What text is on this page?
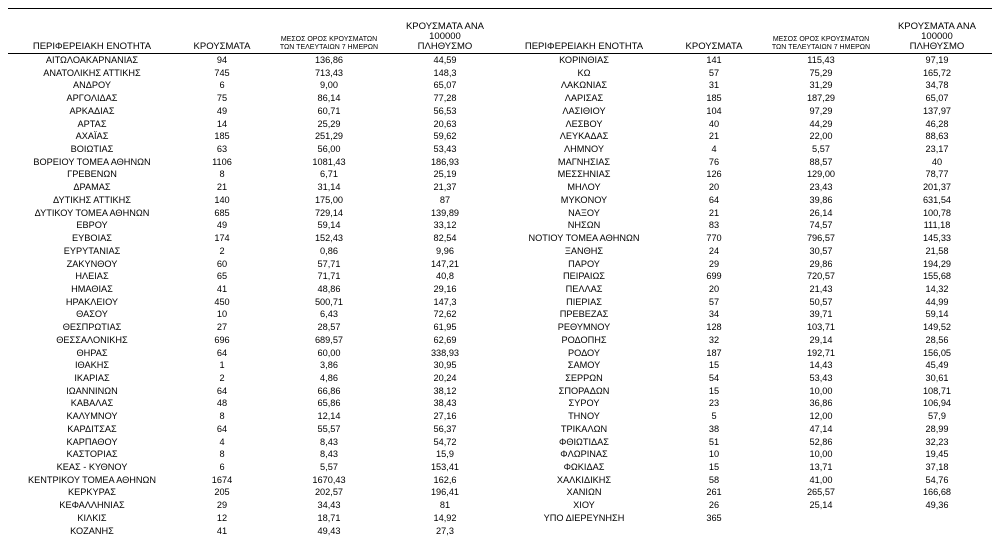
ΠΕΡΙΦΕΡΕΙΑΚΗ ΕΝΟΤΗΤΑ	ΚΡΟΥΣΜΑΤΑ	ΜΕΣΟΣ ΟΡΟΣ ΚΡΟΥΣΜΑΤΩΝ
ΤΩΝ ΤΕΛΕΥΤΑΙΩΝ 7 ΗΜΕΡΩΝ	ΚΡΟΥΣΜΑΤΑ ΑΝΑ 100000
ΠΛΗΘΥΣΜΟ
ΑΙΤΩΛΟΑΚΑΡΝΑΝΙΑΣ	94	136,86	44,59
ΑΝΑΤΟΛΙΚΗΣ ΑΤΤΙΚΗΣ	745	713,43	148,3
ΑΝΔΡΟΥ	6	9,00	65,07
ΑΡΓΟΛΙΔΑΣ	75	86,14	77,28
ΑΡΚΑΔΙΑΣ	49	60,71	56,53
ΑΡΤΑΣ	14	25,29	20,63
ΑΧΑΪΑΣ	185	251,29	59,62
ΒΟΙΩΤΙΑΣ	63	56,00	53,43
ΒΟΡΕΙΟΥ ΤΟΜΕΑ ΑΘΗΝΩΝ	1106	1081,43	186,93
ΓΡΕΒΕΝΩΝ	8	6,71	25,19
ΔΡΑΜΑΣ	21	31,14	21,37
ΔΥΤΙΚΗΣ ΑΤΤΙΚΗΣ	140	175,00	87
ΔΥΤΙΚΟΥ ΤΟΜΕΑ ΑΘΗΝΩΝ	685	729,14	139,89
ΕΒΡΟΥ	49	59,14	33,12
ΕΥΒΟΙΑΣ	174	152,43	82,54
ΕΥΡΥΤΑΝΙΑΣ	2	0,86	9,96
ΖΑΚΥΝΘΟΥ	60	57,71	147,21
ΗΛΕΙΑΣ	65	71,71	40,8
ΗΜΑΘΙΑΣ	41	48,86	29,16
ΗΡΑΚΛΕΙΟΥ	450	500,71	147,3
ΘΑΣΟΥ	10	6,43	72,62
ΘΕΣΠΡΩΤΙΑΣ	27	28,57	61,95
ΘΕΣΣΑΛΟΝΙΚΗΣ	696	689,57	62,69
ΘΗΡΑΣ	64	60,00	338,93
ΙΘΑΚΗΣ	1	3,86	30,95
ΙΚΑΡΙΑΣ	2	4,86	20,24
ΙΩΑΝΝΙΝΩΝ	64	66,86	38,12
ΚΑΒΑΛΑΣ	48	65,86	38,43
ΚΑΛΥΜΝΟΥ	8	12,14	27,16
ΚΑΡΔΙΤΣΑΣ	64	55,57	56,37
ΚΑΡΠΑΘΟΥ	4	8,43	54,72
ΚΑΣΤΟΡΙΑΣ	8	8,43	15,9
ΚΕΑΣ - ΚΥΘΝΟΥ	6	5,57	153,41
ΚΕΝΤΡΙΚΟΥ ΤΟΜΕΑ ΑΘΗΝΩΝ	1674	1670,43	162,6
ΚΕΡΚΥΡΑΣ	205	202,57	196,41
ΚΕΦΑΛΛΗΝΙΑΣ	29	34,43	81
ΚΙΛΚΙΣ	12	18,71	14,92
ΚΟΖΑΝΗΣ	41	49,43	27,3
ΠΕΡΙΦΕΡΕΙΑΚΗ ΕΝΟΤΗΤΑ	ΚΡΟΥΣΜΑΤΑ	ΜΕΣΟΣ ΟΡΟΣ ΚΡΟΥΣΜΑΤΩΝ
ΤΩΝ ΤΕΛΕΥΤΑΙΩΝ 7 ΗΜΕΡΩΝ	ΚΡΟΥΣΜΑΤΑ ΑΝΑ 100000
ΠΛΗΘΥΣΜΟ
ΚΟΡΙΝΘΙΑΣ	141	115,43	97,19
ΚΩ	57	75,29	165,72
ΛΑΚΩΝΙΑΣ	31	31,29	34,78
ΛΑΡΙΣΑΣ	185	187,29	65,07
ΛΑΣΙΘΙΟΥ	104	97,29	137,97
ΛΕΣΒΟΥ	40	44,29	46,28
ΛΕΥΚΑΔΑΣ	21	22,00	88,63
ΛΗΜΝΟΥ	4	5,57	23,17
ΜΑΓΝΗΣΙΑΣ	76	88,57	40
ΜΕΣΣΗΝΙΑΣ	126	129,00	78,77
ΜΗΛΟΥ	20	23,43	201,37
ΜΥΚΟΝΟΥ	64	39,86	631,54
ΝΑΞΟΥ	21	26,14	100,78
ΝΗΣΩΝ	83	74,57	111,18
ΝΟΤΙΟΥ ΤΟΜΕΑ ΑΘΗΝΩΝ	770	796,57	145,33
ΞΑΝΘΗΣ	24	30,57	21,58
ΠΑΡΟΥ	29	29,86	194,29
ΠΕΙΡΑΙΩΣ	699	720,57	155,68
ΠΕΛΛΑΣ	20	21,43	14,32
ΠΙΕΡΙΑΣ	57	50,57	44,99
ΠΡΕΒΕΖΑΣ	34	39,71	59,14
ΡΕΘΥΜΝΟΥ	128	103,71	149,52
ΡΟΔΟΠΗΣ	32	29,14	28,56
ΡΟΔΟΥ	187	192,71	156,05
ΣΑΜΟΥ	15	14,43	45,49
ΣΕΡΡΩΝ	54	53,43	30,61
ΣΠΟΡΑΔΩΝ	15	10,00	108,71
ΣΥΡΟΥ	23	36,86	106,94
ΤΗΝΟΥ	5	12,00	57,9
ΤΡΙΚΑΛΩΝ	38	47,14	28,99
ΦΘΙΩΤΙΔΑΣ	51	52,86	32,23
ΦΛΩΡΙΝΑΣ	10	10,00	19,45
ΦΩΚΙΔΑΣ	15	13,71	37,18
ΧΑΛΚΙΔΙΚΗΣ	58	41,00	54,76
ΧΑΝΙΩΝ	261	265,57	166,68
ΧΙΟΥ	26	25,14	49,36
ΥΠΟ ΔΙΕΡΕΥΝΗΣΗ	365		
